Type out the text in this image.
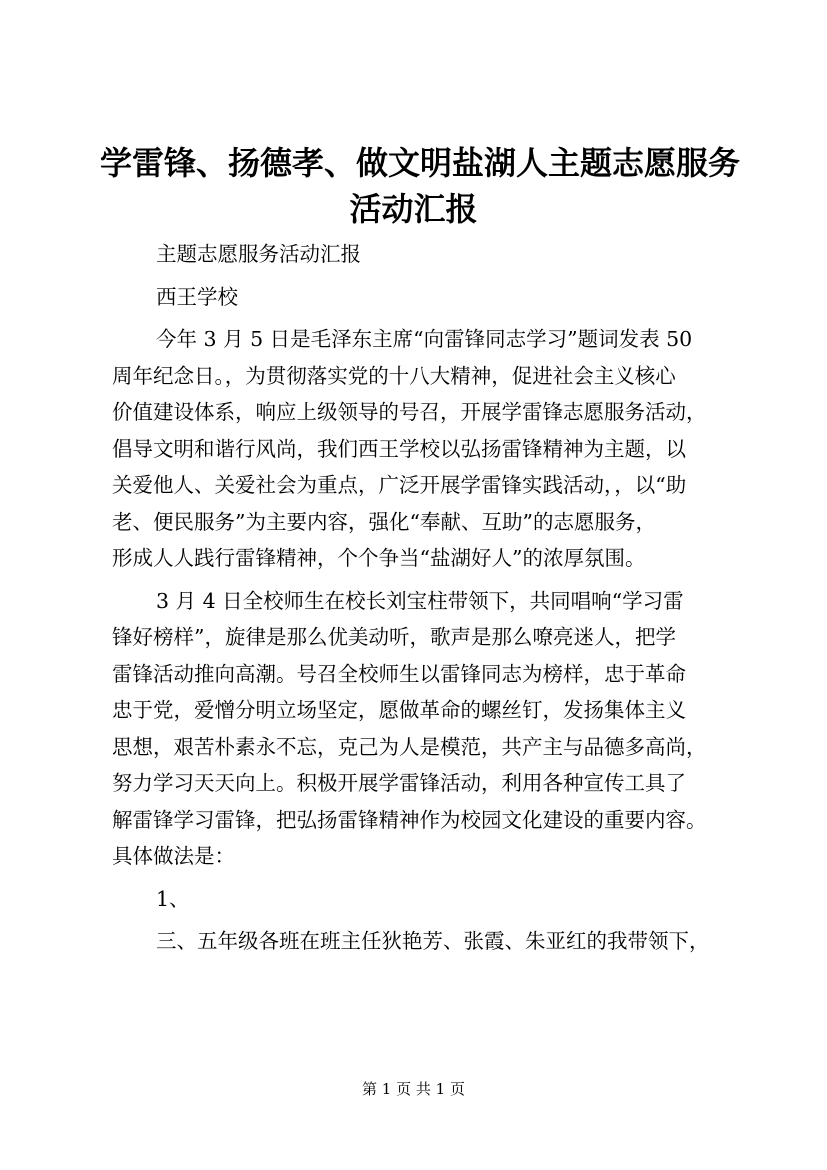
学雷锋、扬德孝、做文明盐湖人主题志愿服务
活动汇报

主题志愿服务活动汇报

西王学校

今年 3 月 5 日是毛泽东主席“向雷锋同志学习”题词发表 50

周年纪念日。，为贯彻落实党的十八大精神，促进社会主义核心

价值建设体系，响应上级领导的号召，开展学雷锋志愿服务活动，

倡导文明和谐行风尚，我们西王学校以弘扬雷锋精神为主题，以

关爱他人、关爱社会为重点，广泛开展学雷锋实践活动，，以“助

老、便民服务”为主要内容，强化“奉献、互助”的志愿服务，

形成人人践行雷锋精神，个个争当“盐湖好人”的浓厚氛围。

3 月 4 日全校师生在校长刘宝柱带领下，共同唱响“学习雷

锋好榜样”，旋律是那么优美动听，歌声是那么嘹亮迷人，把学

雷锋活动推向高潮。号召全校师生以雷锋同志为榜样，忠于革命

忠于党，爱憎分明立场坚定，愿做革命的螺丝钉，发扬集体主义

思想，艰苦朴素永不忘，克己为人是模范，共产主与品德多高尚，

努力学习天天向上。积极开展学雷锋活动，利用各种宣传工具了

解雷锋学习雷锋，把弘扬雷锋精神作为校园文化建设的重要内容。

具体做法是：

1、

三、五年级各班在班主任狄艳芳、张霞、朱亚红的我带领下，

第 1 页 共 1 页
